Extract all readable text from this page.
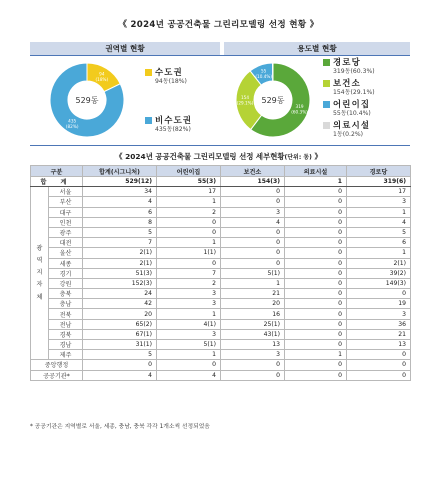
《 2024년 공공건축물 그린리모델링 선정 현황 》
권역별 현황	용도별 현황
94
(18%)
435
(82%)
529동
319
(60.3%)
154
(29.1%)
55
(10.4%)
529동
수도권
94동(18%)
비수도권
435동(82%)
경로당
319동(60.3%)
보건소
154동(29.1%)
어린이집
55동(10.4%)
의료시설
1동(0.2%)
《 2024년 공공건축물 그린리모델링 선정 세부현황(단위: 동) 》
구분		합계(시그니처)	어린이집	보건소	의료시설	경로당
합 계		529(12)	55(3)	154(3)	1	319(6)

광
역
지
자
체	서울	34	17	0	0	17
	부산	4	1	0	0	3
	대구	6	2	3	0	1
	인천	8	0	4	0	4
	광주	5	0	0	0	5
	대전	7	1	0	0	6
	울산	2(1)	1(1)	0	0	1
	세종	2(1)	0	0	0	2(1)
	경기	51(3)	7	5(1)	0	39(2)
	강원	152(3)	2	1	0	149(3)
	충북	24	3	21	0	0
	충남	42	3	20	0	19
	전북	20	1	16	0	3
	전남	65(2)	4(1)	25(1)	0	36
	경북	67(1)	3	43(1)	0	21
	경남	31(1)	5(1)	13	0	13
	제주	5	1	3	1	0
중앙행정		0	0	0	0	0
공공기관*		4	4	0	0	0
* 공공기관은 지역별로 서울, 세종, 충남, 충북 각각 1개소씩 선정되었음
